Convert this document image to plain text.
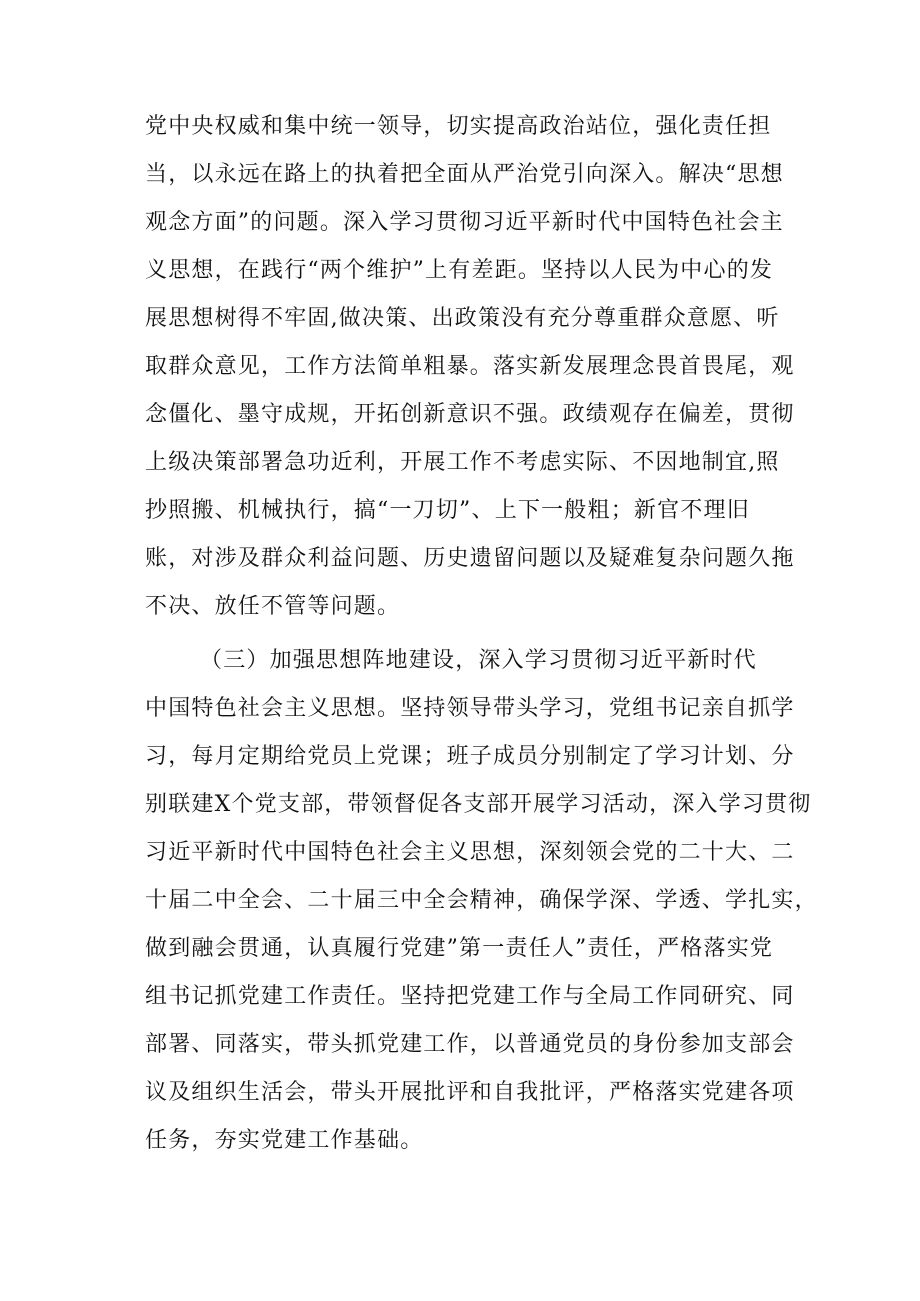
党中央权威和集中统一领导，切实提高政治站位，强化责任担
当，以永远在路上的执着把全面从严治党引向深入。解决“思想
观念方面”的问题。深入学习贯彻习近平新时代中国特色社会主
义思想，在践行“两个维护”上有差距。坚持以人民为中心的发
展思想树得不牢固,做决策、出政策没有充分尊重群众意愿、听
取群众意见，工作方法简单粗暴。落实新发展理念畏首畏尾，观
念僵化、墨守成规，开拓创新意识不强。政绩观存在偏差，贯彻
上级决策部署急功近利，开展工作不考虑实际、不因地制宜,照
抄照搬、机械执行，搞“一刀切”、上下一般粗；新官不理旧
账，对涉及群众利益问题、历史遗留问题以及疑难复杂问题久拖
不决、放任不管等问题。
（三）加强思想阵地建设，深入学习贯彻习近平新时代
中国特色社会主义思想。坚持领导带头学习，党组书记亲自抓学
习，每月定期给党员上党课；班子成员分别制定了学习计划、分
别联建X个党支部，带领督促各支部开展学习活动，深入学习贯彻
习近平新时代中国特色社会主义思想，深刻领会党的二十大、二
十届二中全会、二十届三中全会精神，确保学深、学透、学扎实，
做到融会贯通，认真履行党建”第一责任人”责任，严格落实党
组书记抓党建工作责任。坚持把党建工作与全局工作同研究、同
部署、同落实，带头抓党建工作，以普通党员的身份参加支部会
议及组织生活会，带头开展批评和自我批评，严格落实党建各项
任务，夯实党建工作基础。
